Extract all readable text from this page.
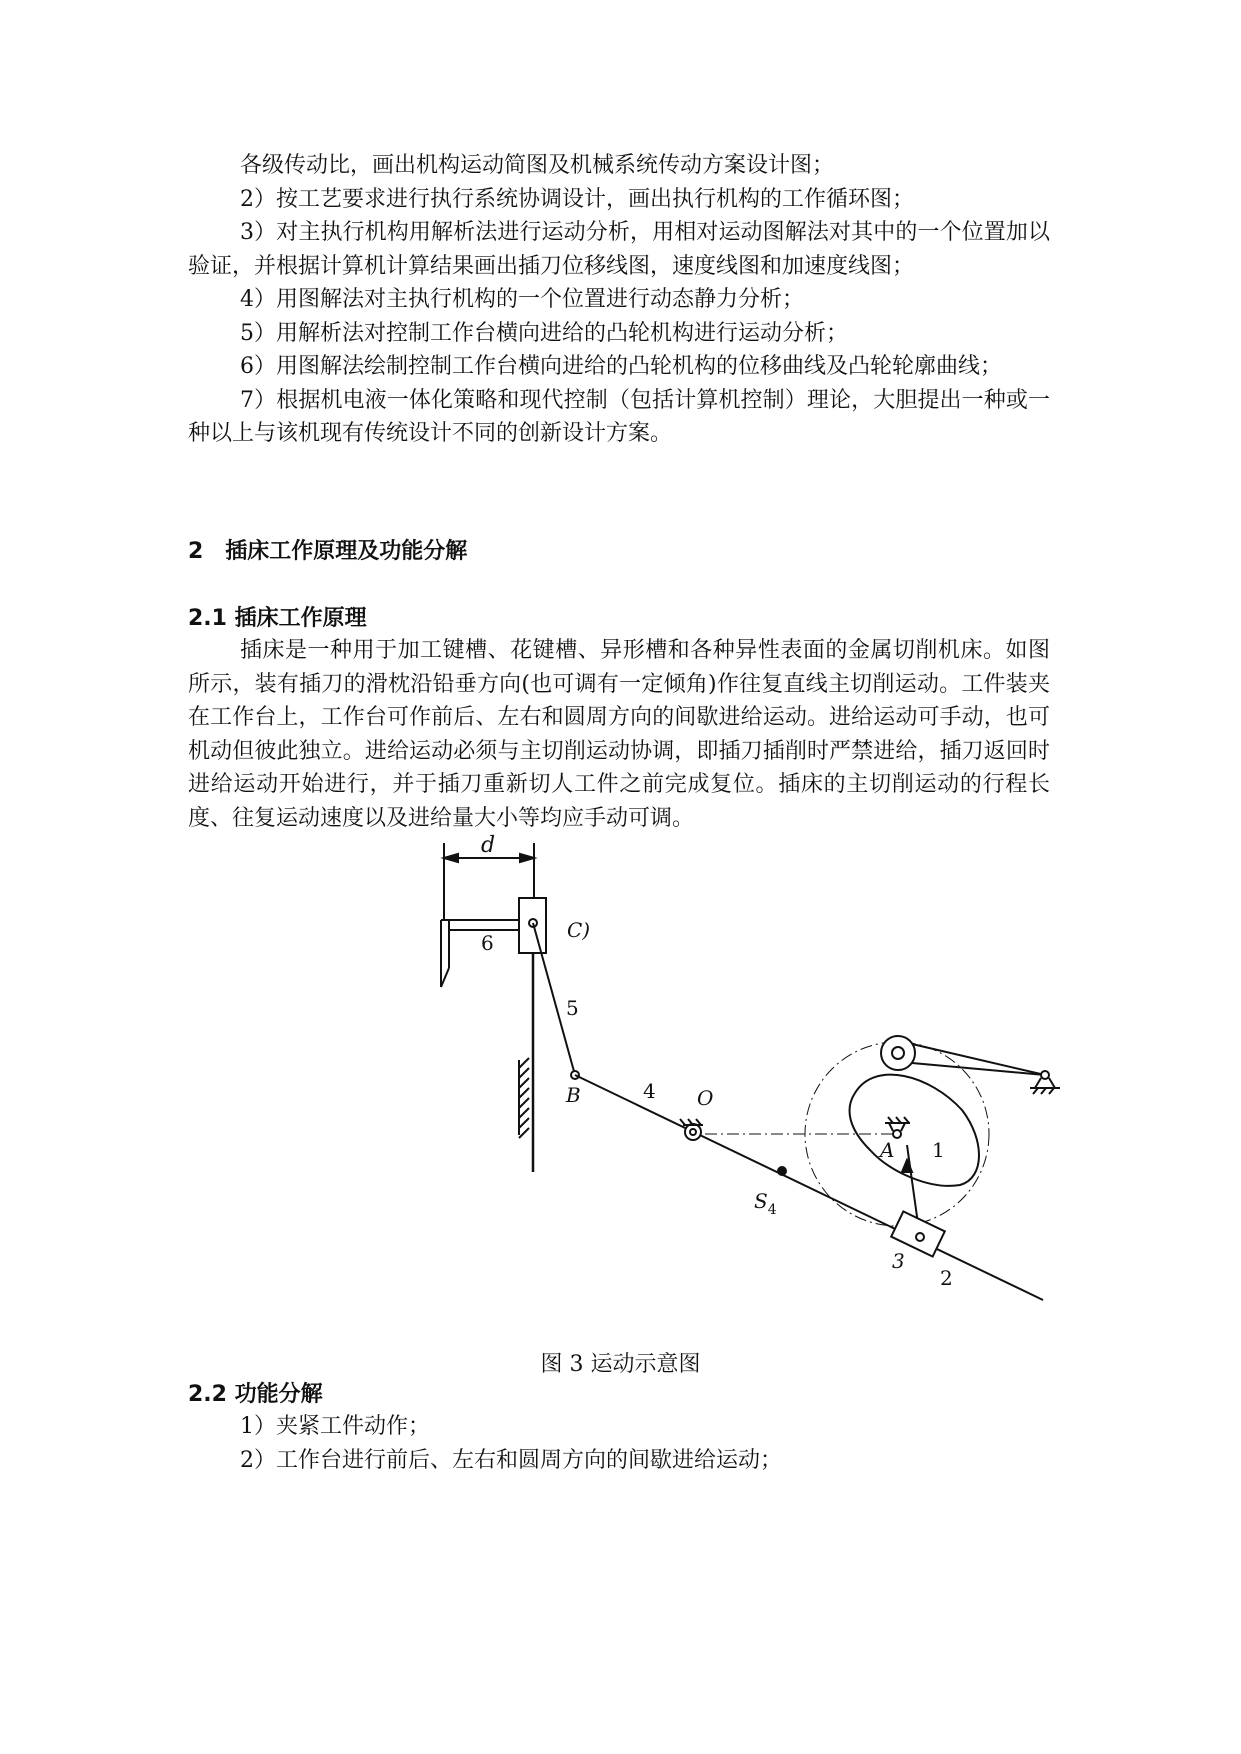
各级传动比，画出机构运动简图及机械系统传动方案设计图；
2）按工艺要求进行执行系统协调设计，画出执行机构的工作循环图；
3）对主执行机构用解析法进行运动分析，用相对运动图解法对其中的一个位置加以验证，并根据计算机计算结果画出插刀位移线图，速度线图和加速度线图；
4）用图解法对主执行机构的一个位置进行动态静力分析；
5）用解析法对控制工作台横向进给的凸轮机构进行运动分析；
6）用图解法绘制控制工作台横向进给的凸轮机构的位移曲线及凸轮轮廓曲线；
7）根据机电液一体化策略和现代控制（包括计算机控制）理论，大胆提出一种或一种以上与该机现有传统设计不同的创新设计方案。

2　插床工作原理及功能分解
2.1 插床工作原理

插床是一种用于加工键槽、花键槽、异形槽和各种异性表面的金属切削机床。如图所示，装有插刀的滑枕沿铅垂方向(也可调有一定倾角)作往复直线主切削运动。工件装夹在工作台上，工作台可作前后、左右和圆周方向的间歇进给运动。进给运动可手动，也可机动但彼此独立。进给运动必须与主切削运动协调，即插刀插削时严禁进给，插刀返回时进给运动开始进行，并于插刀重新切人工件之前完成复位。插床的主切削运动的行程长度、往复运动速度以及进给量大小等均应手动可调。

d
C)
6
5
B	4 O
A 1
$S_4$
3
2

图 3 运动示意图

2.2 功能分解

1）夹紧工件动作；
2）工作台进行前后、左右和圆周方向的间歇进给运动；
